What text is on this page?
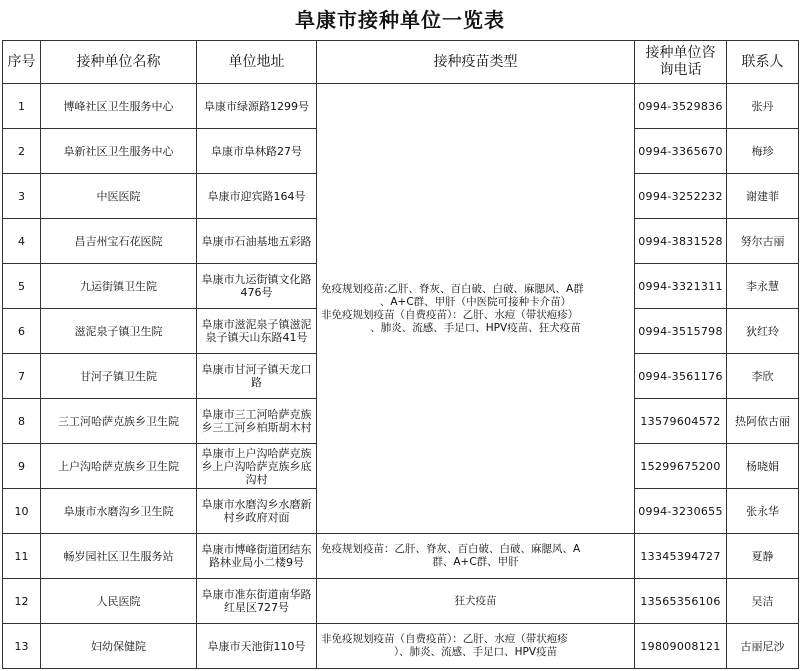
阜康市接种单位一览表
序号	接种单位名称	单位地址	接种疫苗类型	接种单位咨
询电话	联系人
1	博峰社区卫生服务中心	阜康市绿源路1299号	免疫规划疫苗:乙肝、脊灰、百白破、白破、麻腮风、A群
、A+C群、甲肝（中医院可接种卡介苗）
非免疫规划疫苗（自费疫苗）：乙肝、水痘（带状疱疹）
、肺炎、流感、手足口、HPV疫苗、狂犬疫苗	0994-3529836	张丹
2	阜新社区卫生服务中心	阜康市阜林路27号		0994-3365670	梅珍
3	中医医院	阜康市迎宾路164号		0994-3252232	谢建菲
4	昌吉州宝石花医院	阜康市石油基地五彩路		0994-3831528	努尔古丽
5	九运街镇卫生院	阜康市九运街镇文化路476号		0994-3321311	李永慧
6	滋泥泉子镇卫生院	阜康市滋泥泉子镇滋泥泉子镇天山东路41号		0994-3515798	狄红玲
7	甘河子镇卫生院	阜康市甘河子镇天龙口路		0994-3561176	李欣
8	三工河哈萨克族乡卫生院	阜康市三工河哈萨克族乡三工河乡柏斯胡木村		13579604572	热阿依古丽
9	上户沟哈萨克族乡卫生院	阜康市上户沟哈萨克族乡上户沟哈萨克族乡底沟村		15299675200	杨晓娟
10	阜康市水磨沟乡卫生院	阜康市水磨沟乡水磨新村乡政府对面		0994-3230655	张永华
11	畅岁园社区卫生服务站	阜康市博峰街道团结东路林业局小二楼9号	免疫规划疫苗：乙肝、脊灰、百白破、白破、麻腮风、A
群、A+C群、甲肝	13345394727	夏静
12	人民医院	阜康市准东街道南华路红星区727号	狂犬疫苗	13565356106	吴洁
13	妇幼保健院	阜康市天池街110号	非免疫规划疫苗（自费疫苗）：乙肝、水痘（带状疱疹
）、肺炎、流感、手足口、HPV疫苗	19809008121	古丽尼沙
